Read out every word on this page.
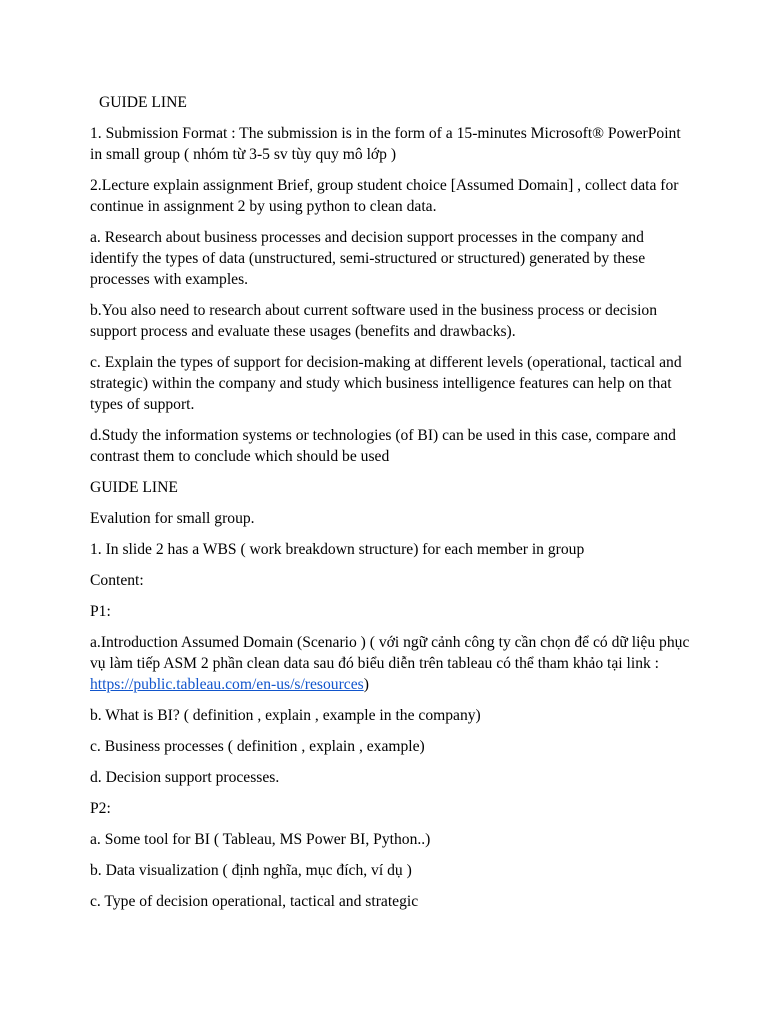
GUIDE LINE

1. Submission Format : The submission is in the form of a 15-minutes Microsoft® PowerPoint in small group ( nhóm từ 3-5 sv tùy quy mô lớp )

2.Lecture explain assignment Brief, group student choice [Assumed Domain] , collect data for continue in assignment 2 by using python to clean data.

a. Research about business processes and decision support processes in the company and identify the types of data (unstructured, semi-structured or structured) generated by these processes with examples.

b.You also need to research about current software used in the business process or decision support process and evaluate these usages (benefits and drawbacks).

c. Explain the types of support for decision-making at different levels (operational, tactical and strategic) within the company and study which business intelligence features can help on that types of support.

d.Study the information systems or technologies (of BI) can be used in this case, compare and contrast them to conclude which should be used

GUIDE LINE

Evalution for small group.

1. In slide 2 has a WBS ( work breakdown structure) for each member in group

Content:

P1:

a.Introduction Assumed Domain (Scenario ) ( với ngữ cảnh công ty cần chọn để có dữ liệu phục vụ làm tiếp ASM 2 phần clean data sau đó biểu diễn trên tableau có thể tham khảo tại link : https://public.tableau.com/en-us/s/resources)

b. What is BI? ( definition , explain , example in the company)

c. Business processes ( definition , explain , example)

d. Decision support processes.

P2:

a. Some tool for BI ( Tableau, MS Power BI, Python..)

b. Data visualization ( định nghĩa, mục đích, ví dụ )

c. Type of decision operational, tactical and strategic
